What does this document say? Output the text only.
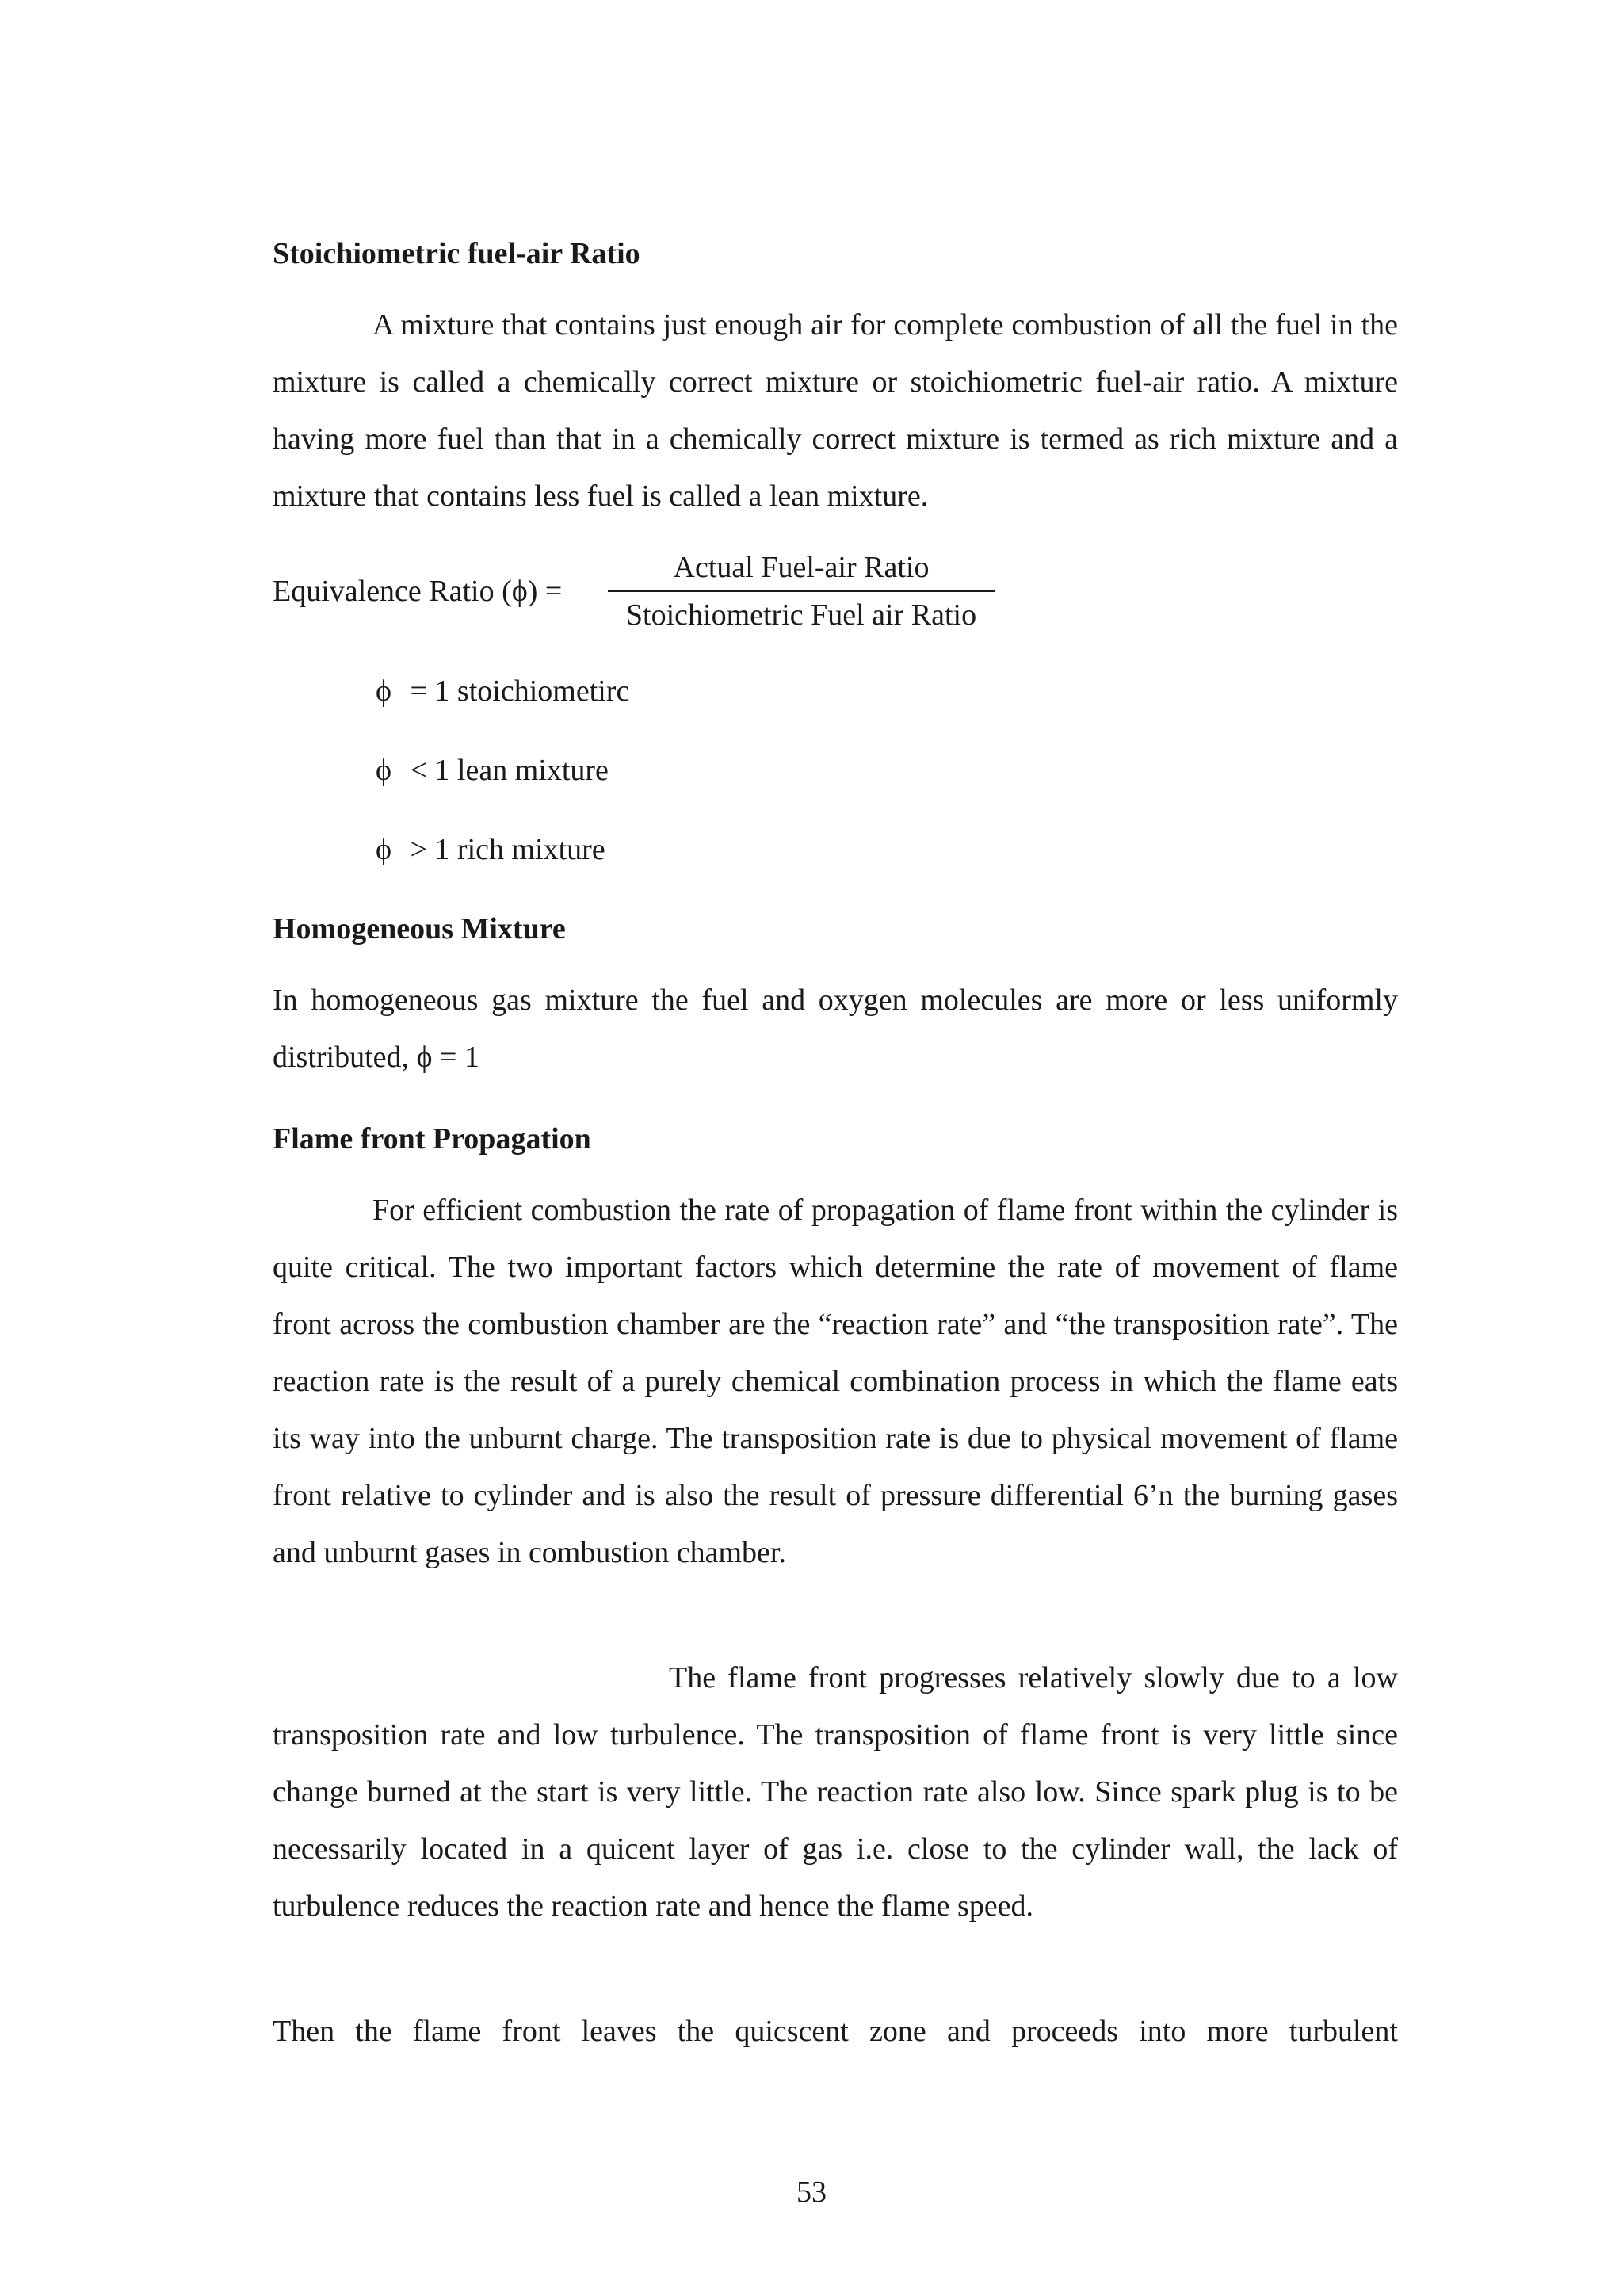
Stoichiometric fuel-air Ratio
A mixture that contains just enough air for complete combustion of all the fuel in the mixture is called a chemically correct mixture or stoichiometric fuel-air ratio. A mixture having more fuel than that in a chemically correct mixture is termed as rich mixture and a mixture that contains less fuel is called a lean mixture.
Equivalence Ratio (ϕ) =
Actual Fuel-air Ratio
Stoichiometric Fuel air Ratio
ϕ = 1 stoichiometirc
ϕ < 1 lean mixture
ϕ > 1 rich mixture
Homogeneous Mixture
In homogeneous gas mixture the fuel and oxygen molecules are more or less uniformly distributed, ϕ = 1
Flame front Propagation
For efficient combustion the rate of propagation of flame front within the cylinder is quite critical. The two important factors which determine the rate of movement of flame front across the combustion chamber are the “reaction rate” and “the transposition rate”. The reaction rate is the result of a purely chemical combination process in which the flame eats its way into the unburnt charge. The transposition rate is due to physical movement of flame front relative to cylinder and is also the result of pressure differential 6’n the burning gases and unburnt gases in combustion chamber.
The flame front progresses relatively slowly due to a low transposition rate and low turbulence. The transposition of flame front is very little since change burned at the start is very little. The reaction rate also low. Since spark plug is to be necessarily located in a quicent layer of gas i.e. close to the cylinder wall, the lack of turbulence reduces the reaction rate and hence the flame speed.
Then the flame front leaves the quicscent zone and proceeds into more turbulent
53
